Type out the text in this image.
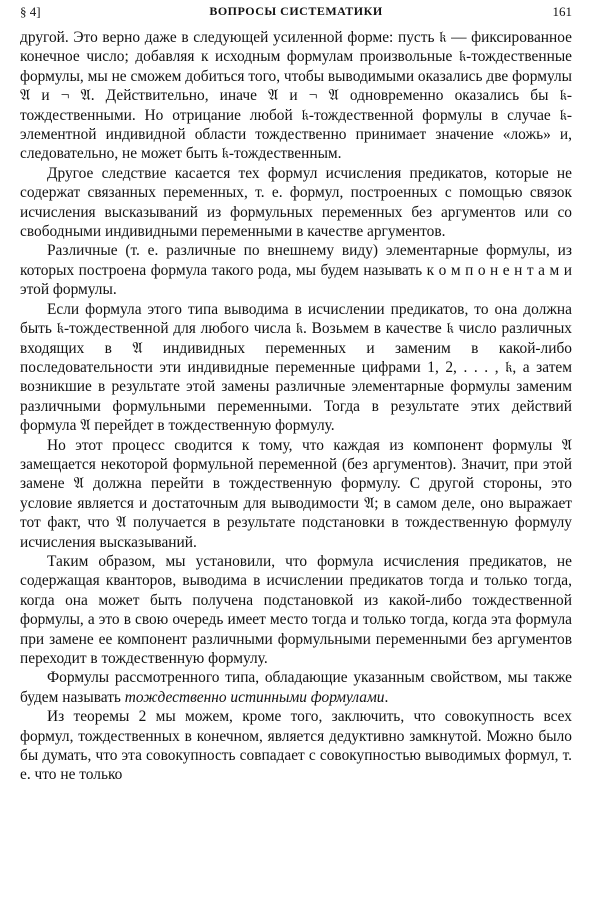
§ 4]	ВОПРОСЫ СИСТЕМАТИКИ	161

другой. Это верно даже в следующей усиленной форме: пусть 𝔨 — фиксированное конечное число; добавляя к исходным формулам произвольные 𝔨-тождественные формулы, мы не сможем добиться того, чтобы выводимыми оказались две формулы 𝔄 и ¬ 𝔄. Действительно, иначе 𝔄 и ¬ 𝔄 одновременно оказались бы 𝔨-тождественными. Но отрицание любой 𝔨-тождественной формулы в случае 𝔨-элементной индивидной области тождественно принимает значение «ложь» и, следовательно, не может быть 𝔨-тождественным.

Другое следствие касается тех формул исчисления предикатов, которые не содержат связанных переменных, т. е. формул, построенных с помощью связок исчисления высказываний из формульных переменных без аргументов или со свободными индивидными переменными в качестве аргументов.

Различные (т. е. различные по внешнему виду) элементарные формулы, из которых построена формула такого рода, мы будем называть к о м п о н е н т а м и этой формулы.

Если формула этого типа выводима в исчислении предикатов, то она должна быть 𝔨-тождественной для любого числа 𝔨. Возьмем в качестве 𝔨 число различных входящих в 𝔄 индивидных переменных и заменим в какой-либо последовательности эти индивидные переменные цифрами 1, 2, . . . , 𝔨, а затем возникшие в результате этой замены различные элементарные формулы заменим различными формульными переменными. Тогда в результате этих действий формула 𝔄 перейдет в тождественную формулу.

Но этот процесс сводится к тому, что каждая из компонент формулы 𝔄 замещается некоторой формульной переменной (без аргументов). Значит, при этой замене 𝔄 должна перейти в тождественную формулу. С другой стороны, это условие является и достаточным для выводимости 𝔄; в самом деле, оно выражает тот факт, что 𝔄 получается в результате подстановки в тождественную формулу исчисления высказываний.

Таким образом, мы установили, что формула исчисления предикатов, не содержащая кванторов, выводима в исчислении предикатов тогда и только тогда, когда она может быть получена подстановкой из какой-либо тождественной формулы, а это в свою очередь имеет место тогда и только тогда, когда эта формула при замене ее компонент различными формульными переменными без аргументов переходит в тождественную формулу.

Формулы рассмотренного типа, обладающие указанным свойством, мы также будем называть тождественно истинными формулами.

Из теоремы 2 мы можем, кроме того, заключить, что совокупность всех формул, тождественных в конечном, является дедуктивно замкнутой. Можно было бы думать, что эта совокупность совпадает с совокупностью выводимых формул, т. е. что не только
